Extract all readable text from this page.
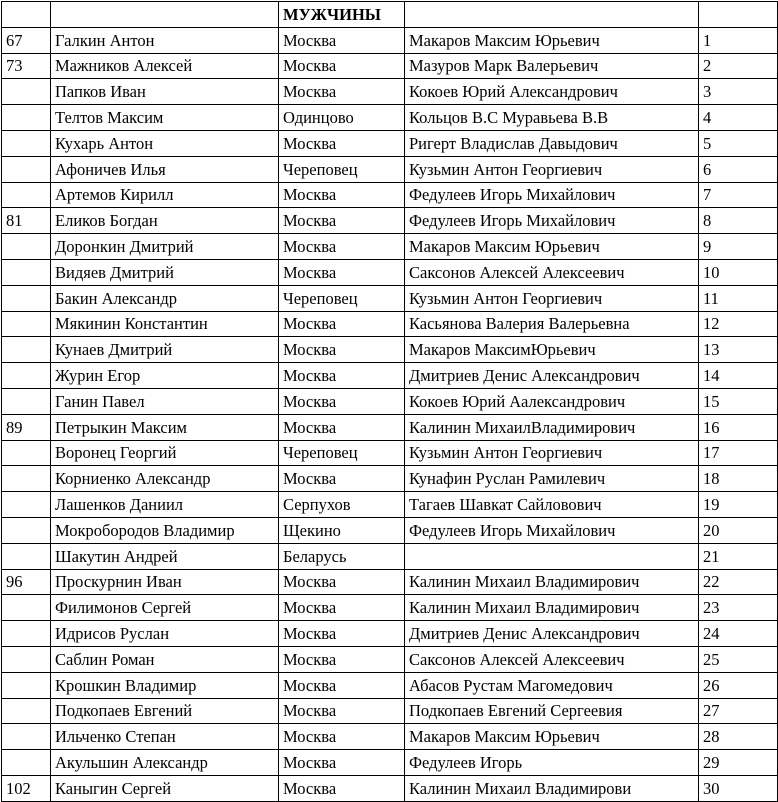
		МУЖЧИНЫ		
67	Галкин Антон	Москва	Макаров Максим Юрьевич	1
73	Мажников Алексей	Москва	Мазуров Марк Валерьевич	2
	Папков Иван	Москва	Кокоев Юрий Александрович	3
	Телтов Максим	Одинцово	Кольцов В.С Муравьева В.В	4
	Кухарь Антон	Москва	Ригерт Владислав Давыдович	5
	Афоничев Илья	Череповец	Кузьмин Антон Георгиевич	6
	Артемов Кирилл	Москва	Федулеев Игорь Михайлович	7
81	Еликов Богдан	Москва	Федулеев Игорь Михайлович	8
	Доронкин Дмитрий	Москва	Макаров Максим Юрьевич	9
	Видяев Дмитрий	Москва	Саксонов Алексей Алексеевич	10
	Бакин Александр	Череповец	Кузьмин Антон Георгиевич	11
	Мякинин Константин	Москва	Касьянова Валерия Валерьевна	12
	Кунаев Дмитрий	Москва	Макаров МаксимЮрьевич	13
	Журин Егор	Москва	Дмитриев Денис Александрович	14
	Ганин Павел	Москва	Кокоев Юрий Аалександрович	15
89	Петрыкин Максим	Москва	Калинин МихаилВладимирович	16
	Воронец Георгий	Череповец	Кузьмин Антон Георгиевич	17
	Корниенко Александр	Москва	Кунафин Руслан Рамилевич	18
	Лашенков Даниил	Серпухов	Тагаев Шавкат Сайловович	19
	Мокробородов Владимир	Щекино	Федулеев Игорь Михайлович	20
	Шакутин Андрей	Беларусь		21
96	Проскурнин Иван	Москва	Калинин Михаил Владимирович	22
	Филимонов Сергей	Москва	Калинин Михаил Владимирович	23
	Идрисов Руслан	Москва	Дмитриев Денис Александрович	24
	Саблин Роман	Москва	Саксонов Алексей Алексеевич	25
	Крошкин Владимир	Москва	Абасов Рустам Магомедович	26
	Подкопаев Евгений	Москва	Подкопаев Евгений Сергеевия	27
	Ильченко Степан	Москва	Макаров Максим Юрьевич	28
	Акульшин Александр	Москва	Федулеев Игорь	29
102	Каныгин Сергей	Москва	Калинин Михаил Владимирови	30
